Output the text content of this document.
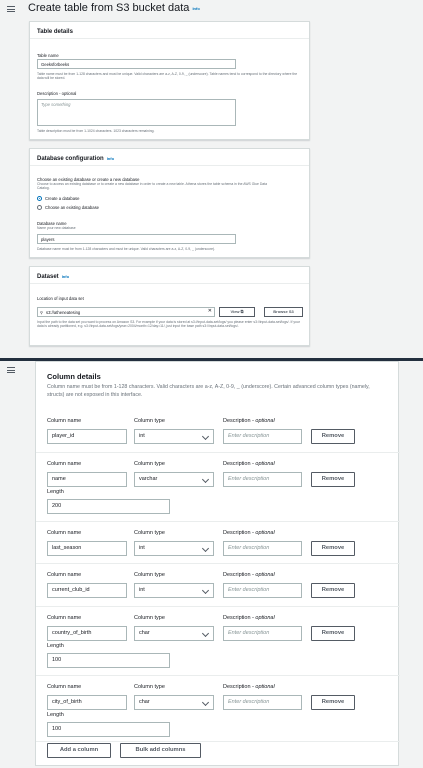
Create table from S3 bucket data Info
Table details
Table name
Geeksforbeeks
Table name must be from 1-128 characters and must be unique. Valid characters are a-z, A-Z, 0-9, _ (underscore). Table names tend to correspond to the directory where the data will be stored.
Description - optional
Type something
Table description must be from 1-1024 characters. 1023 characters remaining.
Database configuration Info
Choose an existing database or create a new database
Choose to access an existing database or to create a new database in order to create a new table. Athena stores the table schema in the AWS Glue Data Catalog.
Create a database
Choose an existing database
Database name
Name your new database
players
Database name must be from 1-128 characters and must be unique. Valid characters are a-z, A-Z, 0-9, _ (underscore).
Dataset Info
Location of input data set
⚲ s3://atheneatesing	✕	View ⧉	Browse S3
Input the path to the data set you want to process on Amazon S3. For example if your data is stored at s3://input-data-set/logs/ you please enter s3://input-data-set/logs/. If your data is already partitioned, e.g. s3://input-data-set/logs/year=2004/month=12/day=11/, just input the base path s3://input-data-set/logs/.
Column details
Column name must be from 1-128 characters. Valid characters are a-z, A-Z, 0-9, _ (underscore). Certain advanced column types (namely, structs) are not exposed in this interface.
Column name	Column type	Description - optional
player_id	int	Enter description	Remove
Column name	Column type	Description - optional
name	varchar	Enter description	Remove
Length
200
Column name	Column type	Description - optional
last_season	int	Enter description	Remove
Column name	Column type	Description - optional
current_club_id	int	Enter description	Remove
Column name	Column type	Description - optional
country_of_birth	char	Enter description	Remove
Length
100
Column name	Column type	Description - optional
city_of_birth	char	Enter description	Remove
Length
100
Add a column	Bulk add columns
